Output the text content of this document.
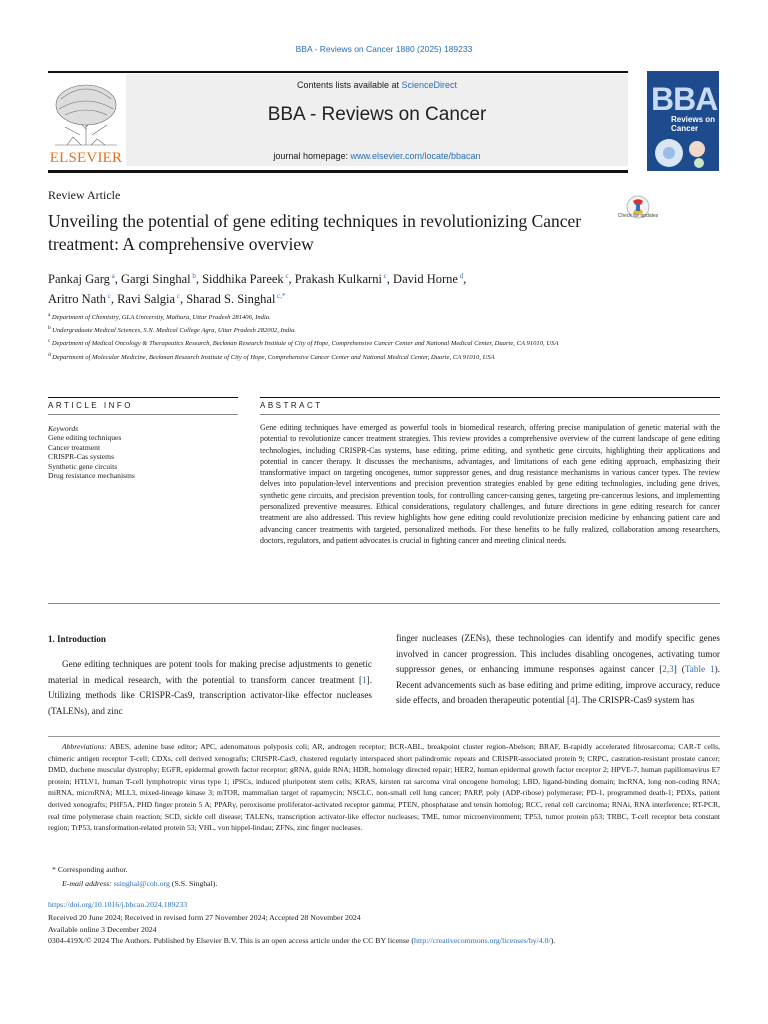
BBA - Reviews on Cancer 1880 (2025) 189233
ELSEVIER
Contents lists available at ScienceDirect
BBA - Reviews on Cancer
journal homepage: www.elsevier.com/locate/bbacan
BBA
Reviews on Cancer
Review Article
Unveiling the potential of gene editing techniques in revolutionizing Cancer treatment: A comprehensive overview
Check for updates
Pankaj Garg $^a$, Gargi Singhal $^b$, Siddhika Pareek $^c$, Prakash Kulkarni $^c$, David Horne $^d$,
Aritro Nath $^c$, Ravi Salgia $^c$, Sharad S. Singhal $^{c,*}$
$^a$ Department of Chemistry, GLA University, Mathura, Uttar Pradesh 281406, India.
$^b$ Undergraduate Medical Sciences, S.N. Medical College Agra, Uttar Pradesh 282002, India.
$^c$ Department of Medical Oncology & Therapeutics Research, Beckman Research Institute of City of Hope, Comprehensive Cancer Center and National Medical Center, Duarte, CA 91010, USA
$^d$ Department of Molecular Medicine, Beckman Research Institute of City of Hope, Comprehensive Cancer Center and National Medical Center, Duarte, CA 91010, USA
ARTICLE INFO
Keywords
Gene editing techniques
Cancer treatment
CRISPR-Cas systems
Synthetic gene circuits
Drug resistance mechanisms
ABSTRACT
Gene editing techniques have emerged as powerful tools in biomedical research, offering precise manipulation of genetic material with the potential to revolutionize cancer treatment strategies. This review provides a comprehensive overview of the current landscape of gene editing technologies, including CRISPR-Cas systems, base editing, prime editing, and synthetic gene circuits, highlighting their applications and potential in cancer therapy. It discusses the mechanisms, advantages, and limitations of each gene editing approach, emphasizing their transformative impact on targeting oncogenes, tumor suppressor genes, and drug resistance mechanisms in various cancer types. The review delves into population-level interventions and precision prevention strategies enabled by gene editing technologies, including gene drives, synthetic gene circuits, and precision prevention tools, for controlling cancer-causing genes, targeting pre-cancerous lesions, and implementing personalized preventive measures. Ethical considerations, regulatory challenges, and future directions in gene editing research for cancer treatment are also addressed. This review highlights how gene editing could revolutionize precision medicine by enhancing patient care and advancing cancer treatments with targeted, personalized methods. For these benefits to be fully realized, collaboration among researchers, doctors, regulators, and patient advocates is crucial in fighting cancer and meeting clinical needs.
1. Introduction
Gene editing techniques are potent tools for making precise adjustments to genetic material in medical research, with the potential to transform cancer treatment [1]. Utilizing methods like CRISPR-Cas9, transcription activator-like effector nucleases (TALENs), and zinc
finger nucleases (ZENs), these technologies can identify and modify specific genes involved in cancer progression. This includes disabling oncogenes, activating tumor suppressor genes, or enhancing immune responses against cancer [2,3] (Table 1). Recent advancements such as base editing and prime editing, improve accuracy, reduce side effects, and broaden therapeutic potential [4]. The CRISPR-Cas9 system has
Abbreviations: ABES, adenine base editor; APC, adenomatous polyposis coli; AR, androgen receptor; BCR-ABL, breakpoint cluster region-Abelson; BRAF, B-rapidly accelerated fibrosarcoma; CAR-T cells, chimeric antigen receptor T-cell; CDXs, cell derived xenografts; CRISPR-Cas9, clustered regularly interspaced short palindromic repeats and CRISPR-associated protein 9; CRPC, castration-resistant prostate cancer; DMD, duchene muscular dystrophy; EGFR, epidermal growth factor receptor; gRNA, guide RNA; HDR, homology directed repair; HER2, human epidermal growth factor receptor 2; HPVE-7, human papillomavirus E7 protein; HTLV1, human T-cell lymphotropic virus type 1; iPSCs, induced pluripotent stem cells; KRAS, kirsten rat sarcoma viral oncogene homolog; LBD, ligand-binding domain; lncRNA, long non-coding RNA; miRNA, microRNA; MLL3, mixed-lineage kinase 3; mTOR, mammalian target of rapamycin; NSCLC, non-small cell lung cancer; PARP, poly (ADP-ribose) polymerase; PD-1, programmed death-1; PDXs, patient derived xenografts; PHF5A, PHD finger protein 5 A; PPARγ, peroxisome proliferator-activated receptor gamma; PTEN, phosphatase and tensin homolog; RCC, renal cell carcinoma; RNAi, RNA interference; RT-PCR, real time polymerase chain reaction; SCD, sickle cell disease; TALENs, transcription activator-like effector nucleases; TME, tumor microenvironment; TP53, tumor protein p53; TRBC, T-cell receptor beta constant region; TrP53, transformation-related protein 53; VHL, von hippel-lindau; ZFNs, zinc finger nucleases.
* Corresponding author.
E-mail address: ssinghal@coh.org (S.S. Singhal).
https://doi.org/10.1016/j.bbcan.2024.189233
Received 20 June 2024; Received in revised form 27 November 2024; Accepted 28 November 2024
Available online 3 December 2024
0304-419X/© 2024 The Authors. Published by Elsevier B.V. This is an open access article under the CC BY license (http://creativecommons.org/licenses/by/4.0/).
